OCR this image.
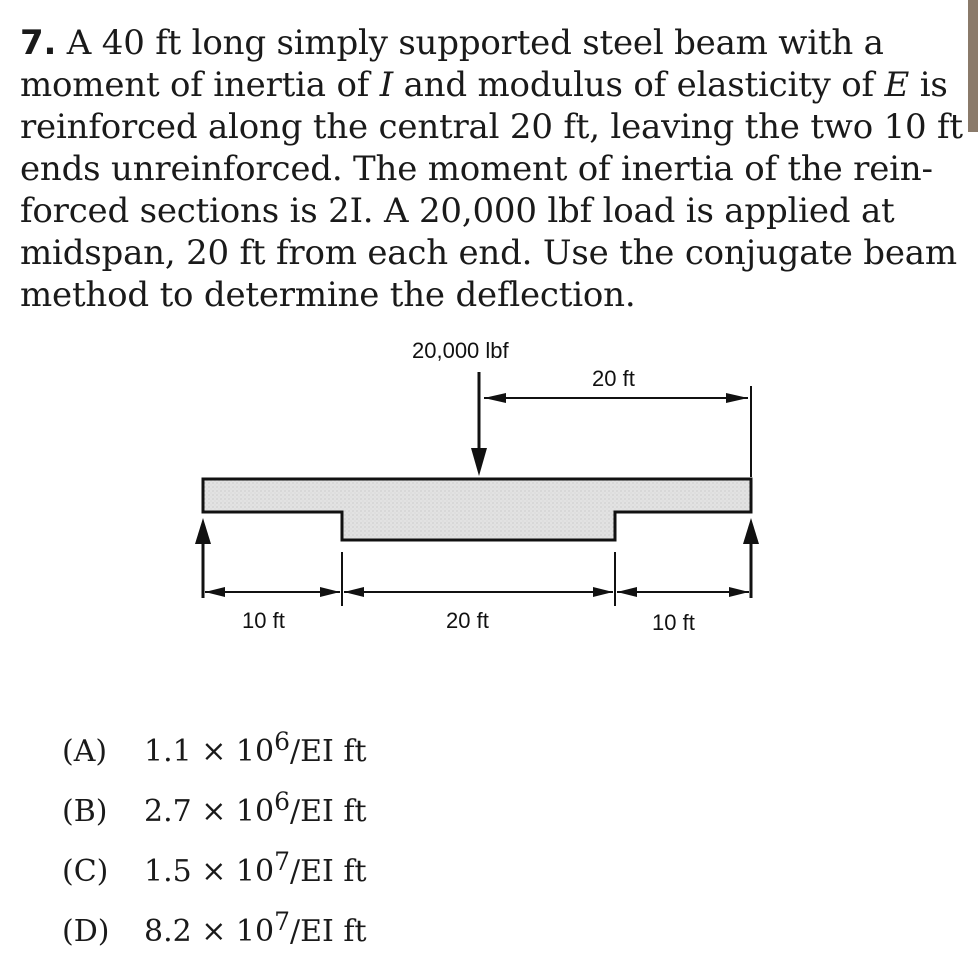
7. A 40 ft long simply supported steel beam with a
moment of inertia of I and modulus of elasticity of E is
reinforced along the central 20 ft, leaving the two 10 ft
ends unreinforced. The moment of inertia of the rein-
forced sections is 2I. A 20,000 lbf load is applied at
midspan, 20 ft from each end. Use the conjugate beam
method to determine the deflection.
20,000 lbf
20 ft
10 ft	20 ft	10 ft
(A) $1.1 \times 10^6/EI$ ft
(B) $2.7 \times 10^6/EI$ ft
(C) $1.5 \times 10^7/EI$ ft
(D) $8.2 \times 10^7/EI$ ft
